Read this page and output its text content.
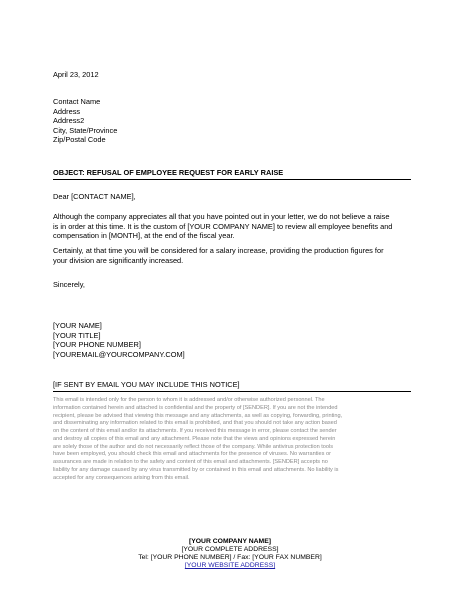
April 23, 2012
Contact Name
Address
Address2
City, State/Province
Zip/Postal Code
OBJECT: REFUSAL OF EMPLOYEE REQUEST FOR EARLY RAISE
Dear [CONTACT NAME],
Although the company appreciates all that you have pointed out in your letter, we do not believe a raise
is in order at this time. It is the custom of [YOUR COMPANY NAME] to review all employee benefits and
compensation in [MONTH], at the end of the fiscal year.
Certainly, at that time you will be considered for a salary increase, providing the production figures for
your division are significantly increased.
Sincerely,
[YOUR NAME]
[YOUR TITLE]
[YOUR PHONE NUMBER]
[YOUREMAIL@YOURCOMPANY.COM]
[IF SENT BY EMAIL YOU MAY INCLUDE THIS NOTICE]
This email is intended only for the person to whom it is addressed and/or otherwise authorized personnel. The
information contained herein and attached is confidential and the property of [SENDER]. If you are not the intended
recipient, please be advised that viewing this message and any attachments, as well as copying, forwarding, printing,
and disseminating any information related to this email is prohibited, and that you should not take any action based
on the content of this email and/or its attachments. If you received this message in error, please contact the sender
and destroy all copies of this email and any attachment. Please note that the views and opinions expressed herein
are solely those of the author and do not necessarily reflect those of the company. While antivirus protection tools
have been employed, you should check this email and attachments for the presence of viruses. No warranties or
assurances are made in relation to the safety and content of this email and attachments. [SENDER] accepts no
liability for any damage caused by any virus transmitted by or contained in this email and attachments. No liability is
accepted for any consequences arising from this email.
[YOUR COMPANY NAME]
[YOUR COMPLETE ADDRESS]
Tel: [YOUR PHONE NUMBER] / Fax: [YOUR FAX NUMBER]
[YOUR WEBSITE ADDRESS]
